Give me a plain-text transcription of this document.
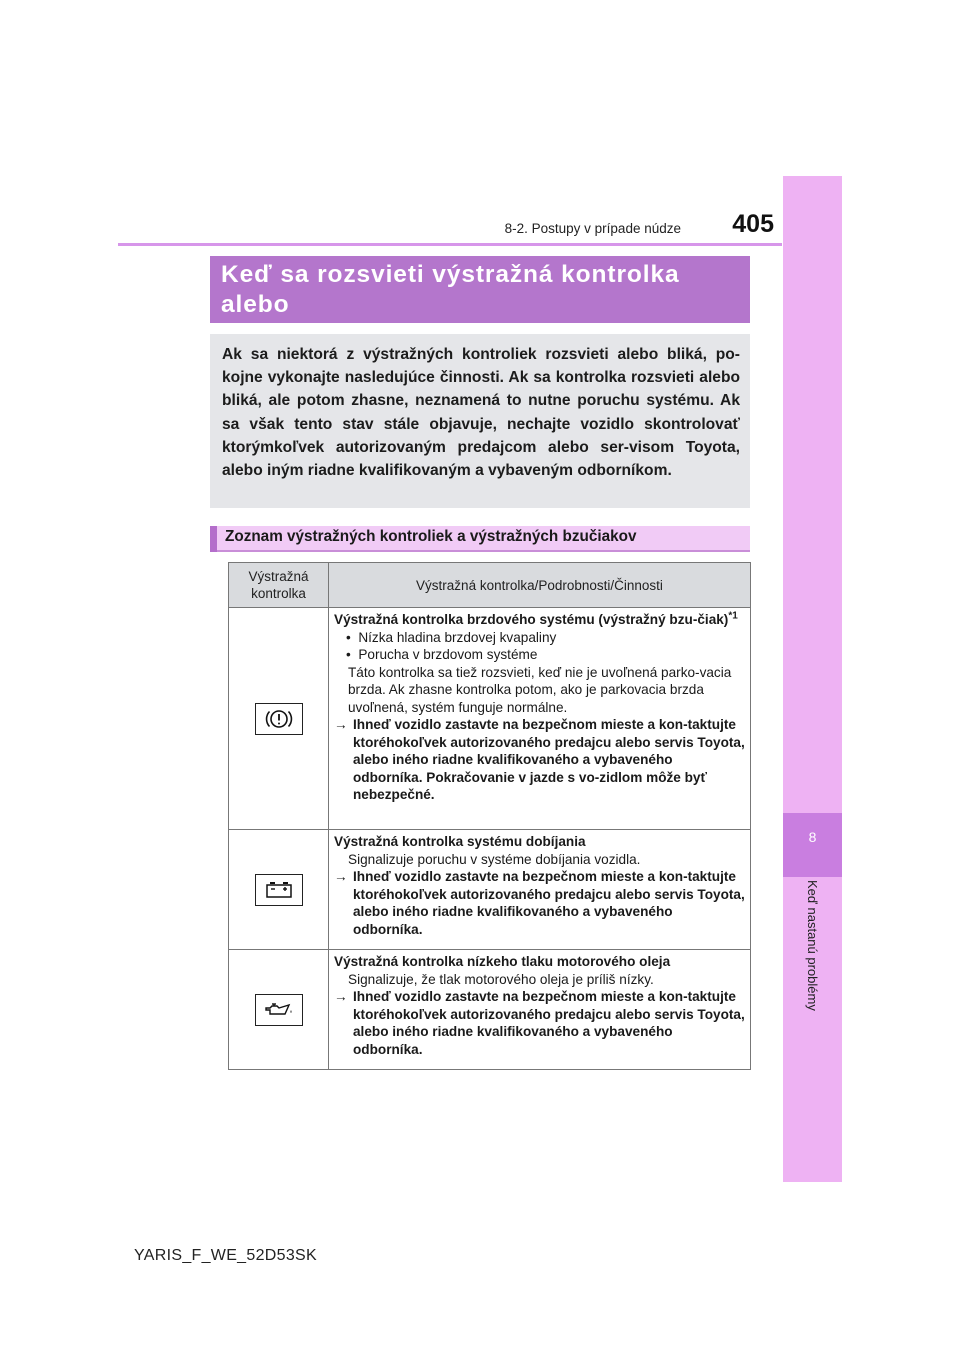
8
Keď nastanú problémy
8-2. Postupy v prípade núdze	405
Keď sa rozsvieti výstražná kontrolka alebo

Ak sa niektorá z výstražných kontroliek rozsvieti alebo bliká, po-kojne vykonajte nasledujúce činnosti. Ak sa kontrolka rozsvieti alebo bliká, ale potom zhasne, neznamená to nutne poruchu systému. Ak sa však tento stav stále objavuje, nechajte vozidlo skontrolovať ktorýmkoľvek autorizovaným predajcom alebo ser-visom Toyota, alebo iným riadne kvalifikovaným a vybaveným odborníkom.

Zoznam výstražných kontroliek a výstražných bzučiakov
Výstražná
kontrolka	Výstražná kontrolka/Podrobnosti/Činnosti

Výstražná kontrolka brzdového systému (výstražný bzu-čiak)$^{*1}$
•  Nízka hladina brzdovej kvapaliny
•  Porucha v brzdovom systéme
Táto kontrolka sa tiež rozsvieti, keď nie je uvoľnená parko-vacia brzda. Ak zhasne kontrolka potom, ako je parkovacia brzda uvoľnená, systém funguje normálne.
→ Ihneď vozidlo zastavte na bezpečnom mieste a kon-taktujte ktoréhokoľvek autorizovaného predajcu alebo servis Toyota, alebo iného riadne kvalifikovaného a vybaveného odborníka. Pokračovanie v jazde s vo-zidlom môže byť nebezpečné.

Výstražná kontrolka systému dobíjania
Signalizuje poruchu v systéme dobíjania vozidla.
→ Ihneď vozidlo zastavte na bezpečnom mieste a kon-taktujte ktoréhokoľvek autorizovaného predajcu alebo servis Toyota, alebo iného riadne kvalifikovaného a vybaveného odborníka.

Výstražná kontrolka nízkeho tlaku motorového oleja
Signalizuje, že tlak motorového oleja je príliš nízky.
→ Ihneď vozidlo zastavte na bezpečnom mieste a kon-taktujte ktoréhokoľvek autorizovaného predajcu alebo servis Toyota, alebo iného riadne kvalifikovaného a vybaveného odborníka.
YARIS_F_WE_52D53SK
